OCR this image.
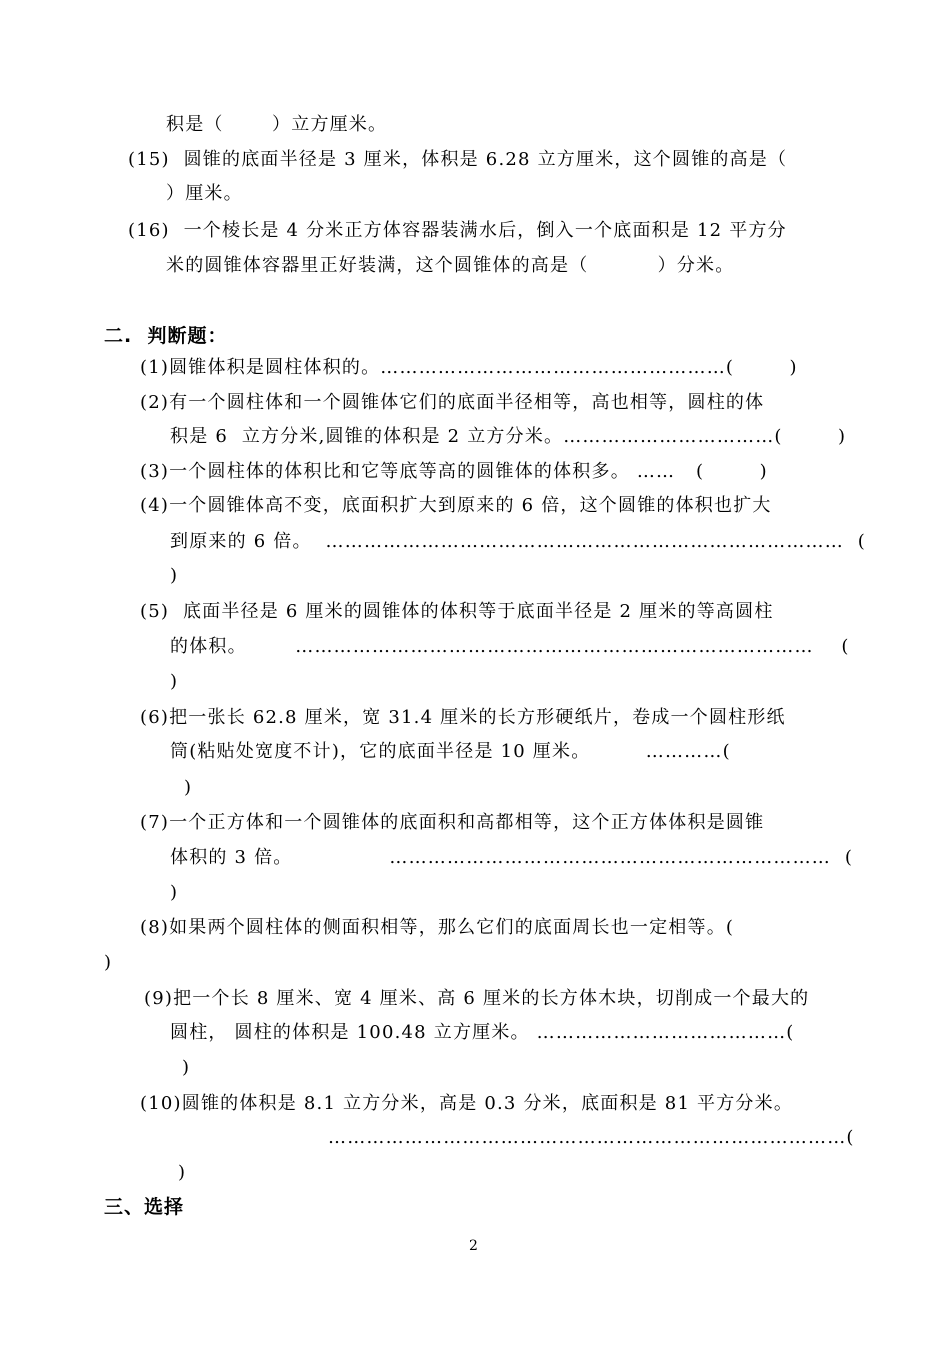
积是（       ）立方厘米。
(15)  圆锥的底面半径是 3 厘米，体积是 6.28 立方厘米，这个圆锥的高是（
）厘米。
(16)  一个棱长是 4 分米正方体容器装满水后，倒入一个底面积是 12 平方分
米的圆锥体容器里正好装满，这个圆锥体的高是（          ）分米。
二.  判断题：
(1)圆锥体积是圆柱体积的。………………………………………………(        )
(2)有一个圆柱体和一个圆锥体它们的底面半径相等，高也相等，圆柱的体
积是 6  立方分米,圆锥的体积是 2 立方分米。……………………………(        )
(3)一个圆柱体的体积比和它等底等高的圆锥体的体积多。 ……   (        )
(4)一个圆锥体高不变，底面积扩大到原来的 6 倍，这个圆锥的体积也扩大
到原来的 6 倍。  ………………………………………………………………………  (
)
(5)  底面半径是 6 厘米的圆锥体的体积等于底面半径是 2 厘米的等高圆柱
的体积。       ………………………………………………………………………    (
)
(6)把一张长 62.8 厘米，宽 31.4 厘米的长方形硬纸片，卷成一个圆柱形纸
筒(粘贴处宽度不计)，它的底面半径是 10 厘米。        …………(
)
(7)一个正方体和一个圆锥体的底面积和高都相等，这个正方体体积是圆锥
体积的 3 倍。              ……………………………………………………………  (
)
(8)如果两个圆柱体的侧面积相等，那么它们的底面周长也一定相等。(
)
(9)把一个长 8 厘米、宽 4 厘米、高 6 厘米的长方体木块，切削成一个最大的
圆柱， 圆柱的体积是 100.48 立方厘米。 …………………………………(
)
(10)圆锥的体积是 8.1 立方分米，高是 0.3 分米，底面积是 81 平方分米。
………………………………………………………………………(
)
三、选择
2
